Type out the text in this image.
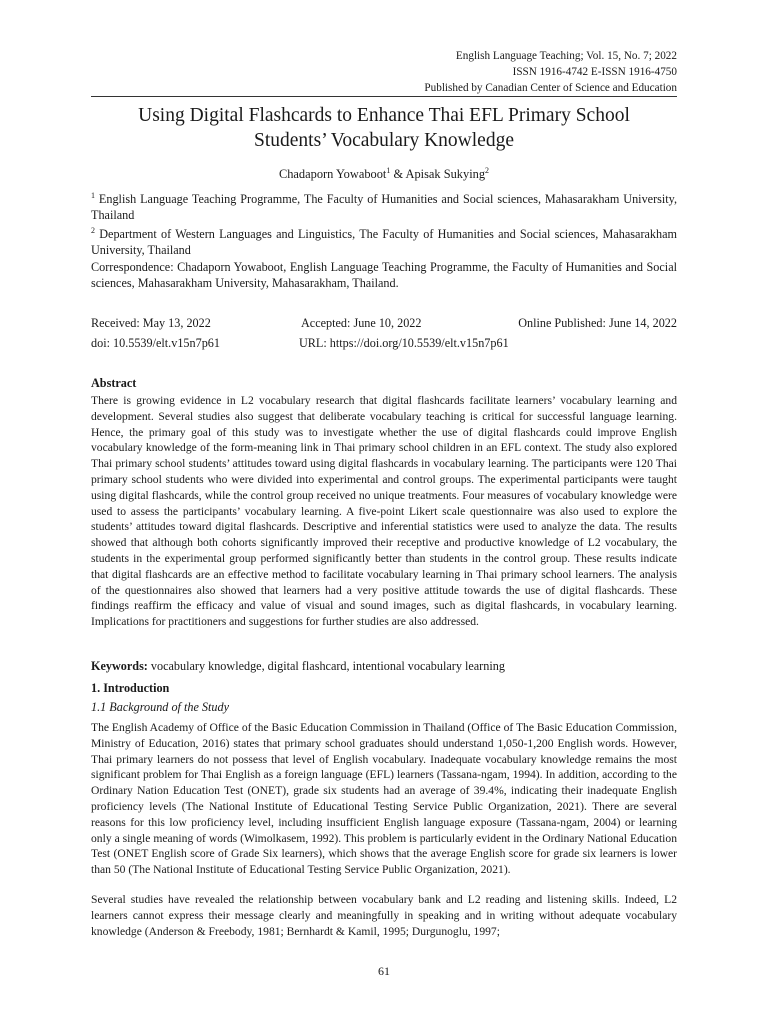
English Language Teaching; Vol. 15, No. 7; 2022
ISSN 1916-4742 E-ISSN 1916-4750
Published by Canadian Center of Science and Education
Using Digital Flashcards to Enhance Thai EFL Primary School
Students’ Vocabulary Knowledge
Chadaporn Yowaboot$^1$ & Apisak Sukying$^2$
$^1$ English Language Teaching Programme, The Faculty of Humanities and Social sciences, Mahasarakham University, Thailand
$^2$ Department of Western Languages and Linguistics, The Faculty of Humanities and Social sciences, Mahasarakham University, Thailand
Correspondence: Chadaporn Yowaboot, English Language Teaching Programme, the Faculty of Humanities and Social sciences, Mahasarakham University, Mahasarakham, Thailand.
Received: May 13, 2022	Accepted: June 10, 2022	Online Published: June 14, 2022
doi: 10.5539/elt.v15n7p61	URL: https://doi.org/10.5539/elt.v15n7p61
Abstract
There is growing evidence in L2 vocabulary research that digital flashcards facilitate learners’ vocabulary learning and development. Several studies also suggest that deliberate vocabulary teaching is critical for successful language learning. Hence, the primary goal of this study was to investigate whether the use of digital flashcards could improve English vocabulary knowledge of the form-meaning link in Thai primary school children in an EFL context. The study also explored Thai primary school students’ attitudes toward using digital flashcards in vocabulary learning. The participants were 120 Thai primary school students who were divided into experimental and control groups. The experimental participants were taught using digital flashcards, while the control group received no unique treatments. Four measures of vocabulary knowledge were used to assess the participants’ vocabulary learning. A five-point Likert scale questionnaire was also used to explore the students’ attitudes toward digital flashcards. Descriptive and inferential statistics were used to analyze the data. The results showed that although both cohorts significantly improved their receptive and productive knowledge of L2 vocabulary, the students in the experimental group performed significantly better than students in the control group. These results indicate that digital flashcards are an effective method to facilitate vocabulary learning in Thai primary school learners. The analysis of the questionnaires also showed that learners had a very positive attitude towards the use of digital flashcards. These findings reaffirm the efficacy and value of visual and sound images, such as digital flashcards, in vocabulary learning. Implications for practitioners and suggestions for further studies are also addressed.
Keywords: vocabulary knowledge, digital flashcard, intentional vocabulary learning
1. Introduction
1.1 Background of the Study
The English Academy of Office of the Basic Education Commission in Thailand (Office of The Basic Education Commission, Ministry of Education, 2016) states that primary school graduates should understand 1,050-1,200 English words. However, Thai primary learners do not possess that level of English vocabulary. Inadequate vocabulary knowledge remains the most significant problem for Thai English as a foreign language (EFL) learners (Tassana-ngam, 1994). In addition, according to the Ordinary Nation Education Test (ONET), grade six students had an average of 39.4%, indicating their inadequate English proficiency levels (The National Institute of Educational Testing Service Public Organization, 2021). There are several reasons for this low proficiency level, including insufficient English language exposure (Tassana-ngam, 2004) or learning only a single meaning of words (Wimolkasem, 1992). This problem is particularly evident in the Ordinary National Education Test (ONET English score of Grade Six learners), which shows that the average English score for grade six learners is lower than 50 (The National Institute of Educational Testing Service Public Organization, 2021).
Several studies have revealed the relationship between vocabulary bank and L2 reading and listening skills. Indeed, L2 learners cannot express their message clearly and meaningfully in speaking and in writing without adequate vocabulary knowledge (Anderson & Freebody, 1981; Bernhardt & Kamil, 1995; Durgunoglu, 1997;
61
